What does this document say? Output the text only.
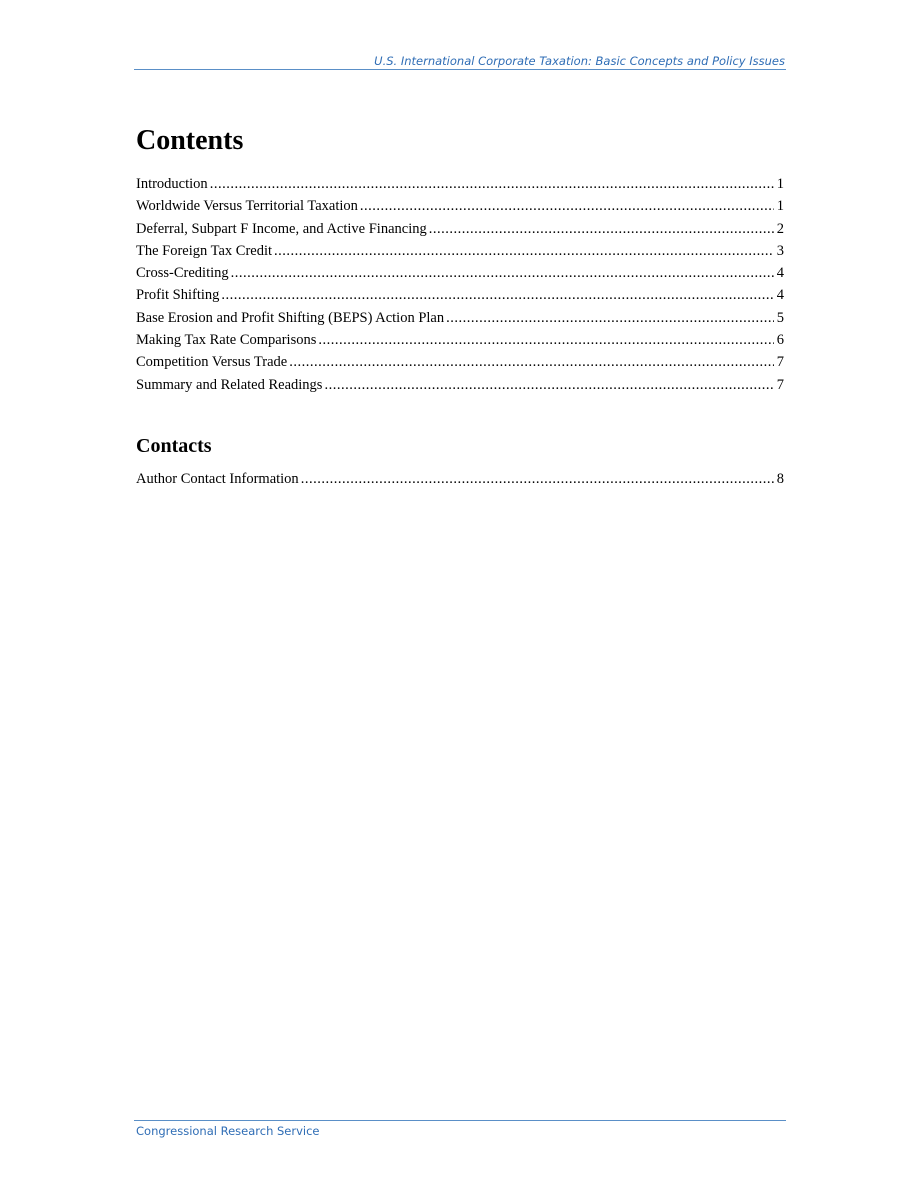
U.S. International Corporate Taxation: Basic Concepts and Policy Issues
Contents
Introduction .....	1
Worldwide Versus Territorial Taxation .....	1
Deferral, Subpart F Income, and Active Financing .....	2
The Foreign Tax Credit .....	3
Cross-Crediting .....	4
Profit Shifting .....	4
Base Erosion and Profit Shifting (BEPS) Action Plan .....	5
Making Tax Rate Comparisons .....	6
Competition Versus Trade .....	7
Summary and Related Readings .....	7
Contacts
Author Contact Information .....	8
Congressional Research Service
